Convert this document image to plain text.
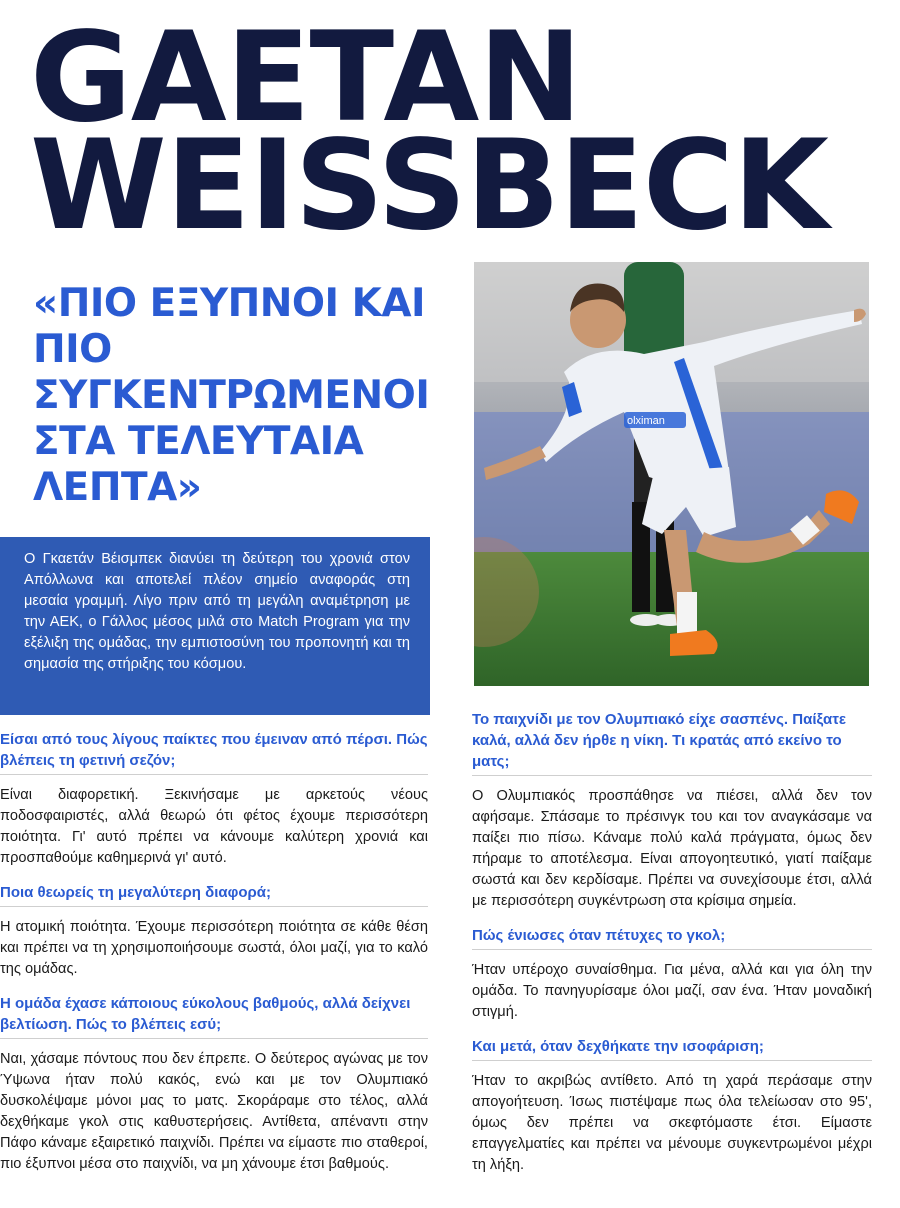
GAETAN
WEISSBECK
«ΠΙΟ ΕΞΥΠΝΟΙ ΚΑΙ ΠΙΟ ΣΥΓΚΕΝΤΡΩΜΕΝΟΙ ΣΤΑ ΤΕΛΕΥΤΑΙΑ ΛΕΠΤΑ»

Ο Γκαετάν Βέισμπεκ διανύει τη δεύτερη του χρονιά στον Απόλλωνα και αποτελεί πλέον σημείο αναφοράς στη μεσαία γραμμή. Λίγο πριν από τη μεγάλη αναμέτρηση με την ΑΕΚ, ο Γάλλος μέσος μιλά στο Match Program για την εξέλιξη της ομάδας, την εμπιστοσύνη του προπονητή και τη σημασία της στήριξης του κόσμου.

olximan

Είσαι από τους λίγους παίκτες που έμειναν από πέρσι. Πώς βλέπεις τη φετινή σεζόν;

Είναι διαφορετική. Ξεκινήσαμε με αρκετούς νέους ποδοσφαιριστές, αλλά θεωρώ ότι φέτος έχουμε περισσότερη ποιότητα. Γι' αυτό πρέπει να κάνουμε καλύτερη χρονιά και προσπαθούμε καθημερινά γι' αυτό.

Ποια θεωρείς τη μεγαλύτερη διαφορά;

Η ατομική ποιότητα. Έχουμε περισσότερη ποιότητα σε κάθε θέση και πρέπει να τη χρησιμοποιήσουμε σωστά, όλοι μαζί, για το καλό της ομάδας.

Η ομάδα έχασε κάποιους εύκολους βαθμούς, αλλά δείχνει βελτίωση. Πώς το βλέπεις εσύ;

Ναι, χάσαμε πόντους που δεν έπρεπε. Ο δεύτερος αγώνας με τον Ύψωνα ήταν πολύ κακός, ενώ και με τον Ολυμπιακό δυσκολέψαμε μόνοι μας το ματς. Σκοράραμε στο τέλος, αλλά δεχθήκαμε γκολ στις καθυστερήσεις. Αντίθετα, απέναντι στην Πάφο κάναμε εξαιρετικό παιχνίδι. Πρέπει να είμαστε πιο σταθεροί, πιο έξυπνοι μέσα στο παιχνίδι, να μη χάνουμε έτσι βαθμούς.

Το παιχνίδι με τον Ολυμπιακό είχε σασπένς. Παίξατε καλά, αλλά δεν ήρθε η νίκη. Τι κρατάς από εκείνο το ματς;

Ο Ολυμπιακός προσπάθησε να πιέσει, αλλά δεν τον αφήσαμε. Σπάσαμε το πρέσινγκ του και τον αναγκάσαμε να παίξει πιο πίσω. Κάναμε πολύ καλά πράγματα, όμως δεν πήραμε το αποτέλεσμα. Είναι απογοητευτικό, γιατί παίξαμε σωστά και δεν κερδίσαμε. Πρέπει να συνεχίσουμε έτσι, αλλά με περισσότερη συγκέντρωση στα κρίσιμα σημεία.

Πώς ένιωσες όταν πέτυχες το γκολ;

Ήταν υπέροχο συναίσθημα. Για μένα, αλλά και για όλη την ομάδα. Το πανηγυρίσαμε όλοι μαζί, σαν ένα. Ήταν μοναδική στιγμή.

Και μετά, όταν δεχθήκατε την ισοφάριση;

Ήταν το ακριβώς αντίθετο. Από τη χαρά περάσαμε στην απογοήτευση. Ίσως πιστέψαμε πως όλα τελείωσαν στο 95', όμως δεν πρέπει να σκεφτόμαστε έτσι. Είμαστε επαγγελματίες και πρέπει να μένουμε συγκεντρωμένοι μέχρι τη λήξη.
